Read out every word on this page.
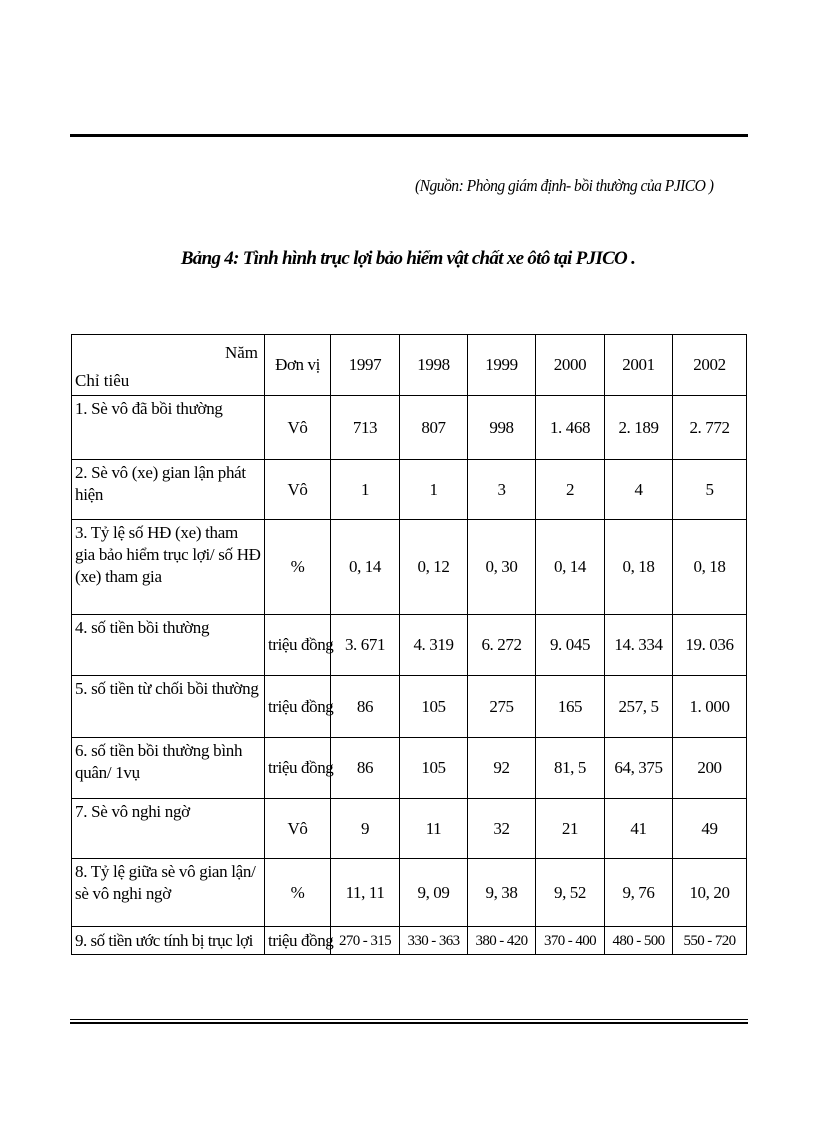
(Nguồn: Phòng giám định- bồi thường của PJICO )
Bảng 4: Tình hình trục lợi bảo hiểm vật chất xe ôtô tại PJICO .
Năm
Chỉ tiêu	Đơn vị	1997	1998	1999	2000	2001	2002
1. Sè vô đã bồi thường	Vô	713	807	998	1. 468	2. 189	2. 772
2. Sè vô (xe) gian lận phát hiện	Vô	1	1	3	2	4	5
3. Tỷ lệ số HĐ (xe) tham gia bảo hiểm trục lợi/ số HĐ (xe) tham gia	%	0, 14	0, 12	0, 30	0, 14	0, 18	0, 18
4. số tiền bồi thường	triệu đồng	3. 671	4. 319	6. 272	9. 045	14. 334	19. 036
5. số tiền từ chối bồi thường	triệu đồng	86	105	275	165	257, 5	1. 000
6. số tiền bồi thường bình quân/ 1vụ	triệu đồng	86	105	92	81, 5	64, 375	200
7. Sè vô nghi ngờ	Vô	9	11	32	21	41	49
8. Tỷ lệ giữa sè vô gian lận/ sè vô nghi ngờ	%	11, 11	9, 09	9, 38	9, 52	9, 76	10, 20
9. số tiền ước tính bị trục lợi	triệu đồng	270 - 315	330 - 363	380 - 420	370 - 400	480 - 500	550 - 720
